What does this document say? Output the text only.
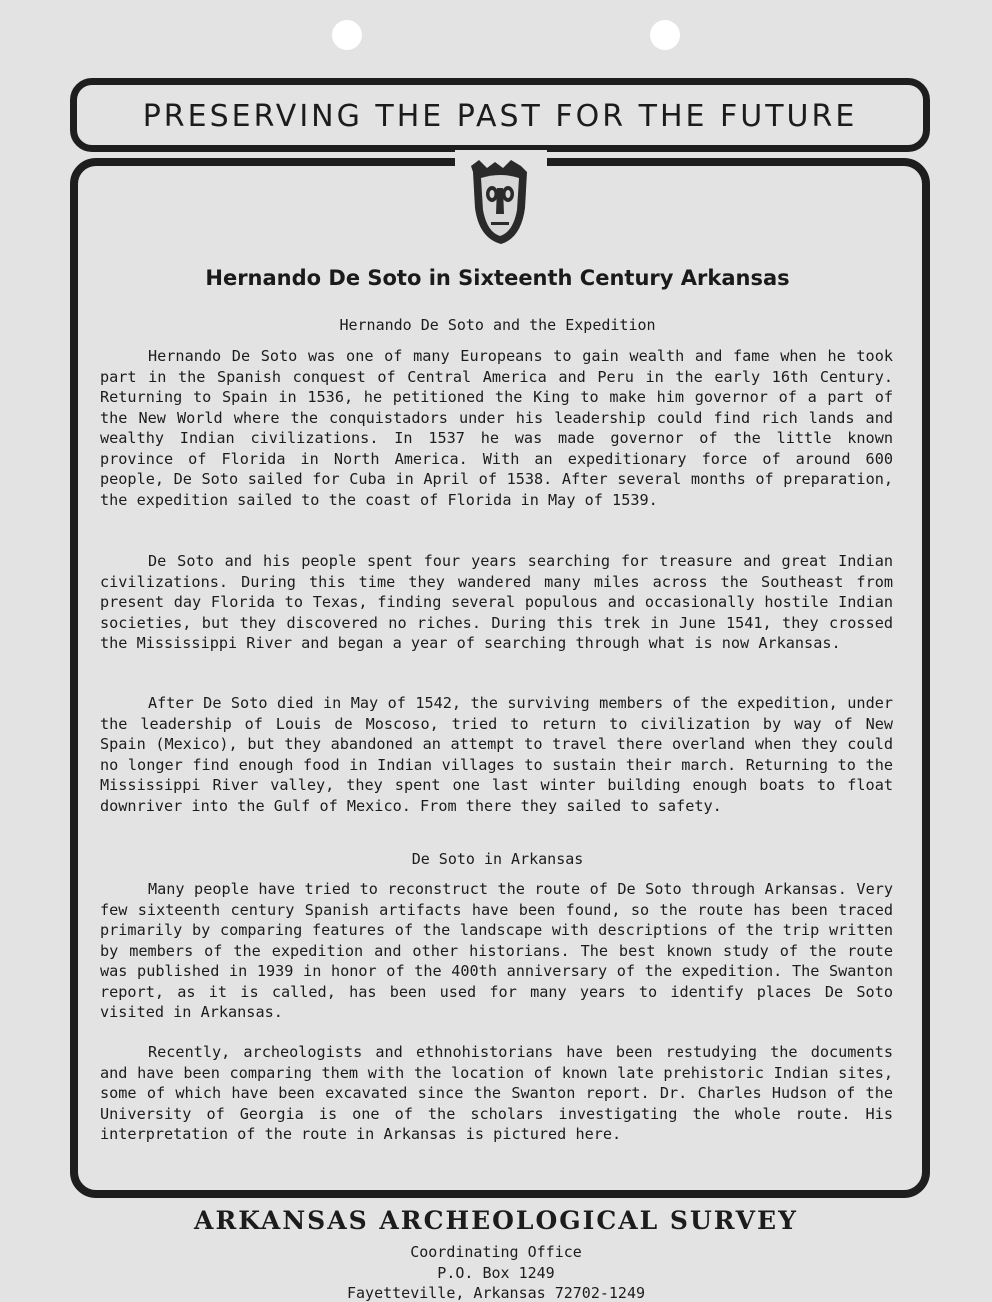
PRESERVING THE PAST FOR THE FUTURE
Hernando De Soto in Sixteenth Century Arkansas
Hernando De Soto and the Expedition

Hernando De Soto was one of many Europeans to gain wealth and fame when he took part in the Spanish conquest of Central America and Peru in the early 16th Century. Returning to Spain in 1536, he petitioned the King to make him governor of a part of the New World where the conquistadors under his leadership could find rich lands and wealthy Indian civilizations. In 1537 he was made governor of the little known province of Florida in North America. With an expeditionary force of around 600 people, De Soto sailed for Cuba in April of 1538. After several months of preparation, the expedition sailed to the coast of Florida in May of 1539.

De Soto and his people spent four years searching for treasure and great Indian civilizations. During this time they wandered many miles across the Southeast from present day Florida to Texas, finding several populous and occasionally hostile Indian societies, but they discovered no riches. During this trek in June 1541, they crossed the Mississippi River and began a year of searching through what is now Arkansas.

After De Soto died in May of 1542, the surviving members of the expedition, under the leadership of Louis de Moscoso, tried to return to civilization by way of New Spain (Mexico), but they abandoned an attempt to travel there overland when they could no longer find enough food in Indian villages to sustain their march. Returning to the Mississippi River valley, they spent one last winter building enough boats to float downriver into the Gulf of Mexico. From there they sailed to safety.

De Soto in Arkansas

Many people have tried to reconstruct the route of De Soto through Arkansas. Very few sixteenth century Spanish artifacts have been found, so the route has been traced primarily by comparing features of the landscape with descriptions of the trip written by members of the expedition and other historians. The best known study of the route was published in 1939 in honor of the 400th anniversary of the expedition. The Swanton report, as it is called, has been used for many years to identify places De Soto visited in Arkansas.

Recently, archeologists and ethnohistorians have been restudying the documents and have been comparing them with the location of known late prehistoric Indian sites, some of which have been excavated since the Swanton report. Dr. Charles Hudson of the University of Georgia is one of the scholars investigating the whole route. His interpretation of the route in Arkansas is pictured here.

ARKANSAS ARCHEOLOGICAL SURVEY
Coordinating Office
P.O. Box 1249
Fayetteville, Arkansas 72702-1249
